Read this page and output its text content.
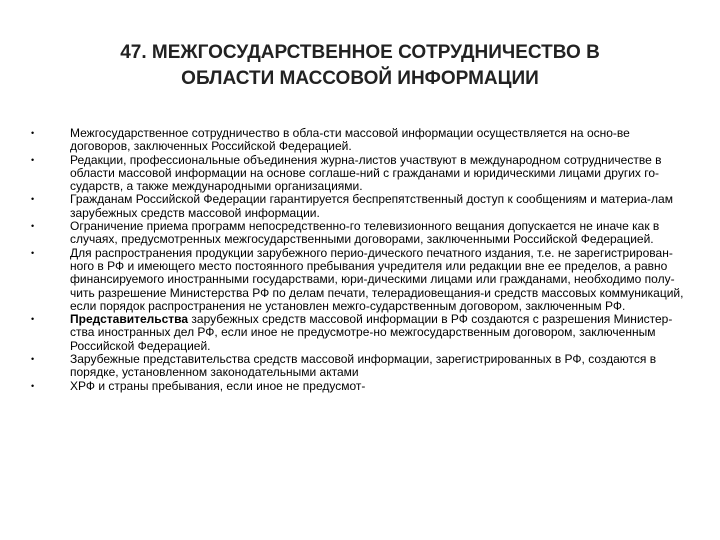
47. МЕЖГОСУДАРСТВЕННОЕ СОТРУДНИЧЕСТВО В
ОБЛАСТИ МАССОВОЙ ИНФОРМАЦИИ
•	Межгосударственное сотрудничество в обла-сти массовой информации осуществляется на осно-ве договоров, заключенных Российской Федерацией.
•	Редакции, профессиональные объединения журна-листов участвуют в международном сотрудничестве в области массовой информации на основе соглаше-ний с гражданами и юридическими лицами других го-сударств, а также международными организациями.
•	Гражданам Российской Федерации гарантируется беспрепятственный доступ к сообщениям и материа-лам зарубежных средств массовой информации.
•	Ограничение приема программ непосредственно-го телевизионного вещания допускается не иначе как в случаях, предусмотренных межгосударственными договорами, заключенными Российской Федерацией.
•	Для распространения продукции зарубежного перио-дического печатного издания, т.е. не зарегистрирован-ного в РФ и имеющего место постоянного пребывания учредителя или редакции вне ее пределов, а равно финансируемого иностранными государствами, юри-дическими лицами или гражданами, необходимо полу-чить разрешение Министерства РФ по делам печати, телерадиовещания-и средств массовых коммуникаций, если порядок распространения не установлен межго-сударственным договором, заключенным РФ.
•	Представительства зарубежных средств массовой информации в РФ создаются с разрешения Министер-ства иностранных дел РФ, если иное не предусмотре-но межгосударственным договором, заключенным Российской Федерацией.
•	Зарубежные представительства средств массовой информации, зарегистрированных в РФ, создаются в порядке, установленном законодательными актами
•	ХРФ и страны пребывания, если иное не предусмот-
